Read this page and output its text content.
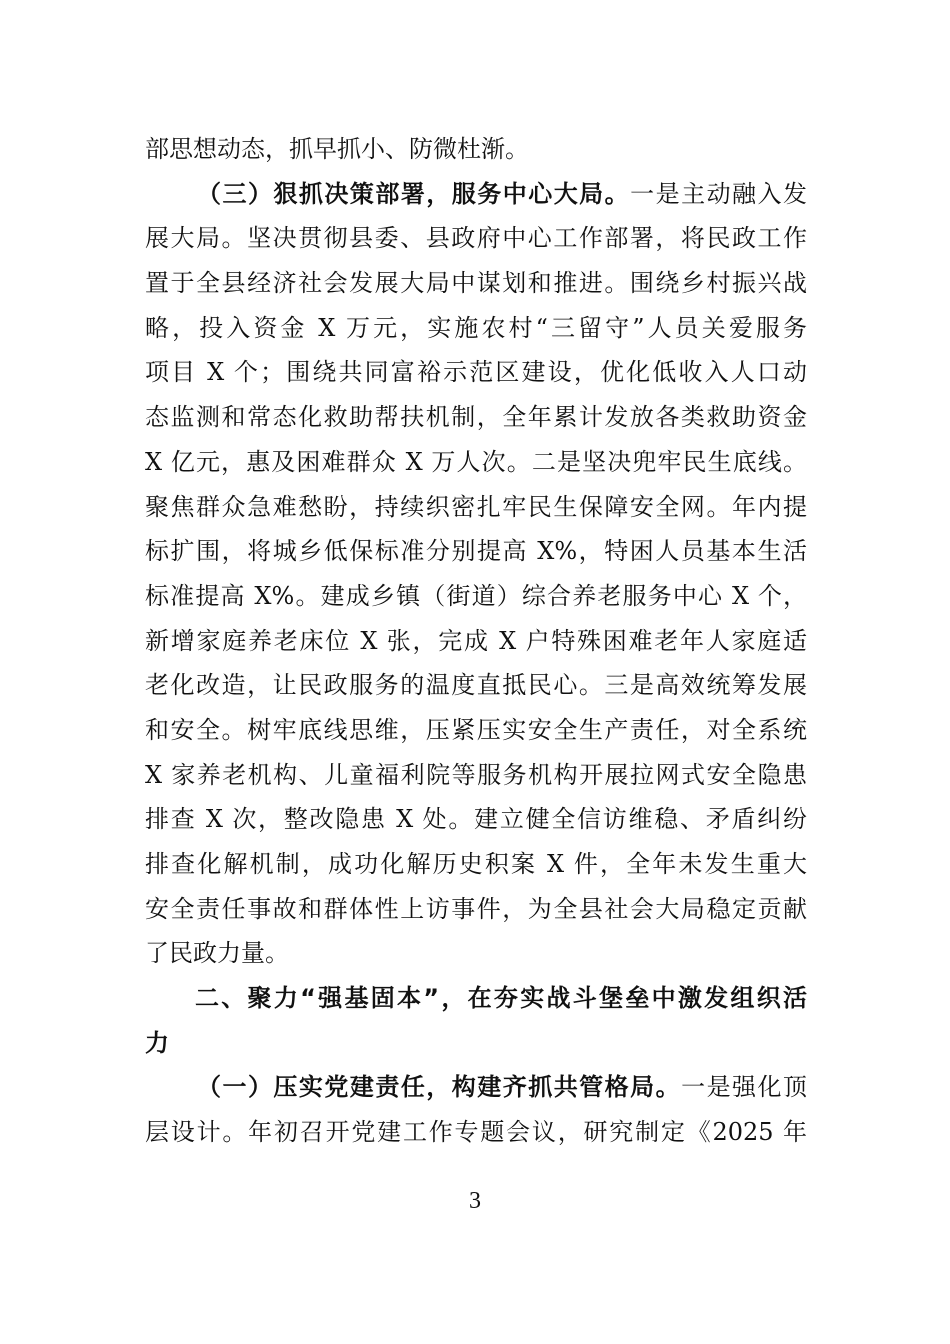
部思想动态，抓早抓小、防微杜渐。
（三）狠抓决策部署，服务中心大局。一是主动融入发
展大局。坚决贯彻县委、县政府中心工作部署，将民政工作
置于全县经济社会发展大局中谋划和推进。围绕乡村振兴战
略，投入资金 X 万元，实施农村“三留守”人员关爱服务
项目 X 个；围绕共同富裕示范区建设，优化低收入人口动
态监测和常态化救助帮扶机制，全年累计发放各类救助资金
X 亿元，惠及困难群众 X 万人次。二是坚决兜牢民生底线。
聚焦群众急难愁盼，持续织密扎牢民生保障安全网。年内提
标扩围，将城乡低保标准分别提高 X%，特困人员基本生活
标准提高 X%。建成乡镇（街道）综合养老服务中心 X 个，
新增家庭养老床位 X 张，完成 X 户特殊困难老年人家庭适
老化改造，让民政服务的温度直抵民心。三是高效统筹发展
和安全。树牢底线思维，压紧压实安全生产责任，对全系统
X 家养老机构、儿童福利院等服务机构开展拉网式安全隐患
排查 X 次，整改隐患 X 处。建立健全信访维稳、矛盾纠纷
排查化解机制，成功化解历史积案 X 件，全年未发生重大
安全责任事故和群体性上访事件，为全县社会大局稳定贡献
了民政力量。
二、聚力“强基固本”，在夯实战斗堡垒中激发组织活
力
（一）压实党建责任，构建齐抓共管格局。一是强化顶
层设计。年初召开党建工作专题会议，研究制定《2025 年
3
